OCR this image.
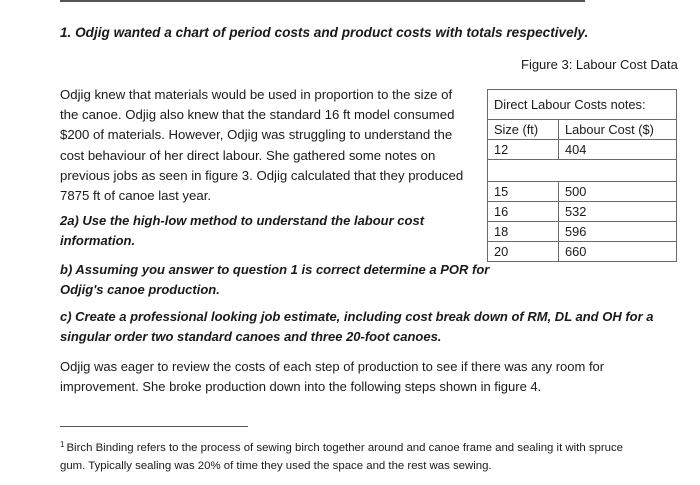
1. Odjig wanted a chart of period costs and product costs with totals respectively.
Figure 3: Labour Cost Data
Odjig knew that materials would be used in proportion to the size of
the canoe. Odjig also knew that the standard 16 ft model consumed
$200 of materials. However, Odjig was struggling to understand the
cost behaviour of her direct labour. She gathered some notes on
previous jobs as seen in figure 3. Odjig calculated that they produced
7875 ft of canoe last year.
2a) Use the high-low method to understand the labour cost
information.
b) Assuming you answer to question 1 is correct determine a POR for
Odjig's canoe production.
c) Create a professional looking job estimate, including cost break down of RM, DL and OH for a
singular order two standard canoes and three 20-foot canoes.
Odjig was eager to review the costs of each step of production to see if there was any room for
improvement. She broke production down into the following steps shown in figure 4.
Direct Labour Costs notes:	
Size (ft)	Labour Cost ($)
12	404

15	500
16	532
18	596
20	660
$^1$ Birch Binding refers to the process of sewing birch together around and canoe frame and sealing it with spruce
gum. Typically sealing was 20% of time they used the space and the rest was sewing.
